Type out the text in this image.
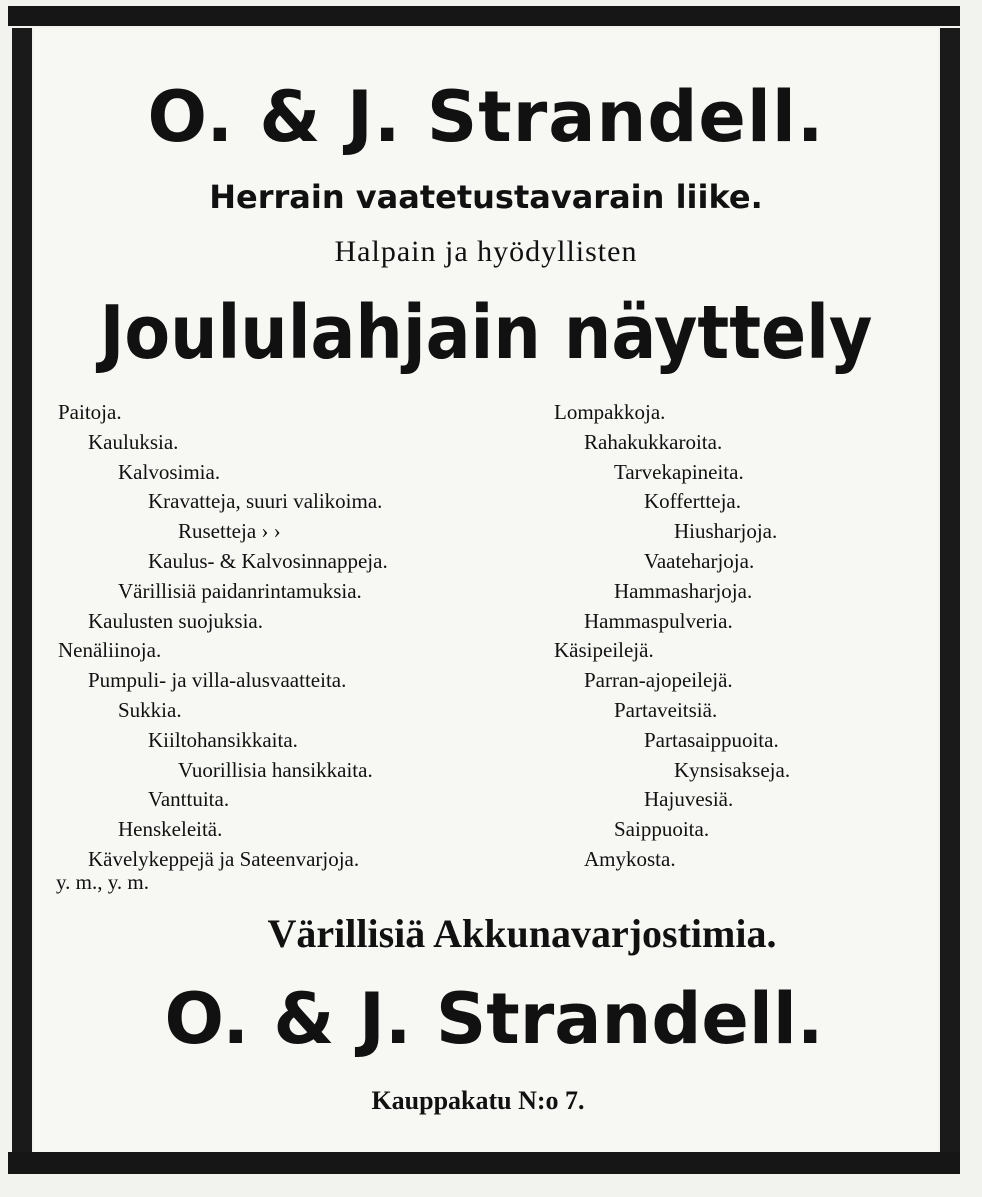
O. & J. Strandell.
Herrain vaatetustavarain liike.
Halpain ja hyödyllisten
Joululahjain näyttely
Paitoja.
Kauluksia.
Kalvosimia.
Kravatteja, suuri valikoima.
Rusetteja › ›
Kaulus- & Kalvosinnappeja.
Värillisiä paidanrintamuksia.
Kaulusten suojuksia.
Nenäliinoja.
Pumpuli- ja villa-alusvaatteita.
Sukkia.
Kiiltohansikkaita.
Vuorillisia hansikkaita.
Vanttuita.
Henskeleitä.
Kävelykeppejä ja Sateenvarjoja.
Lompakkoja.
Rahakukkaroita.
Tarvekapineita.
Koffertteja.
Hiusharjoja.
Vaateharjoja.
Hammasharjoja.
Hammaspulveria.
Käsipeilejä.
Parran-ajopeilejä.
Partaveitsiä.
Partasaippuoita.
Kynsisakseja.
Hajuvesiä.
Saippuoita.
Amykosta.
y. m., y. m.
Värillisiä Akkunavarjostimia.
O. & J. Strandell.
Kauppakatu N:o 7.
